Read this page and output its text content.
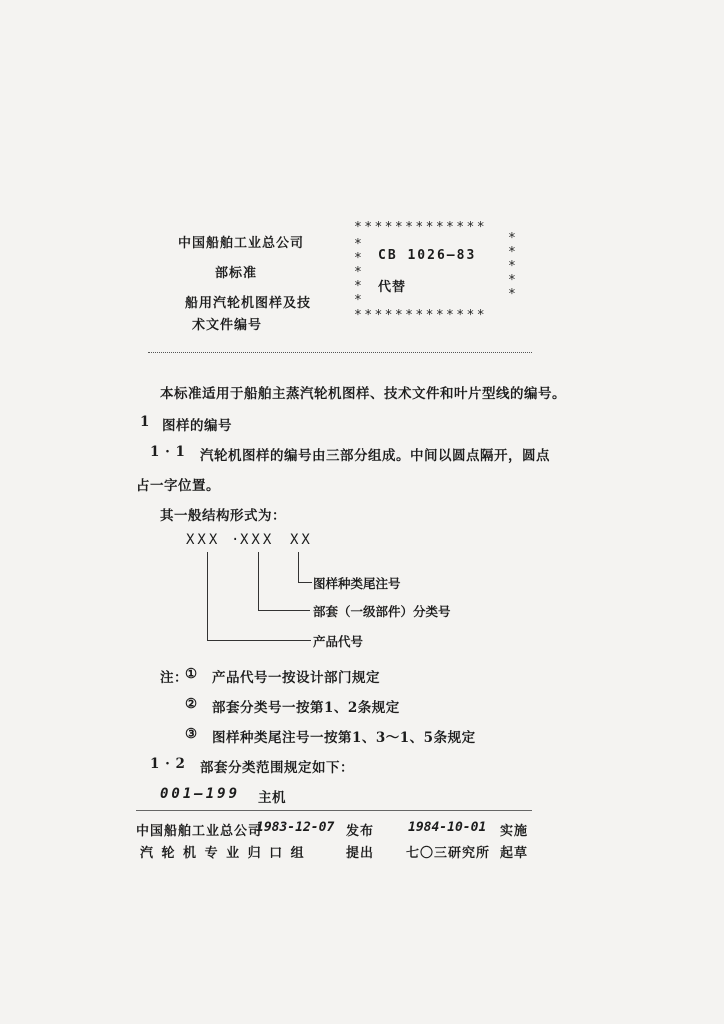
中国船舶工业总公司
部标准
船用汽轮机图样及技
术文件编号
*************
*************
*
*
*
*
*
*
*
*
*
*
CB 1026—83
代替
本标准适用于船舶主蒸汽轮机图样、技术文件和叶片型线的编号。
1 图样的编号
1 · 1 汽轮机图样的编号由三部分组成。中间以圆点隔开，圆点
占一字位置。
其一般结构形式为：
XXX · XXX XX
图样种类尾注号
部套（一级部件）分类号
产品代号
注：
① 产品代号一按设计部门规定
② 部套分类号一按第1、2条规定
③ 图样种类尾注号一按第1、3～1、5条规定
1 · 2 部套分类范围规定如下：
001—199 主机
中国船舶工业总公司
1983-12-07 发布	1984-10-01 实施
汽 轮 机 专 业 归 口 组	提出 七〇三研究所 起草
